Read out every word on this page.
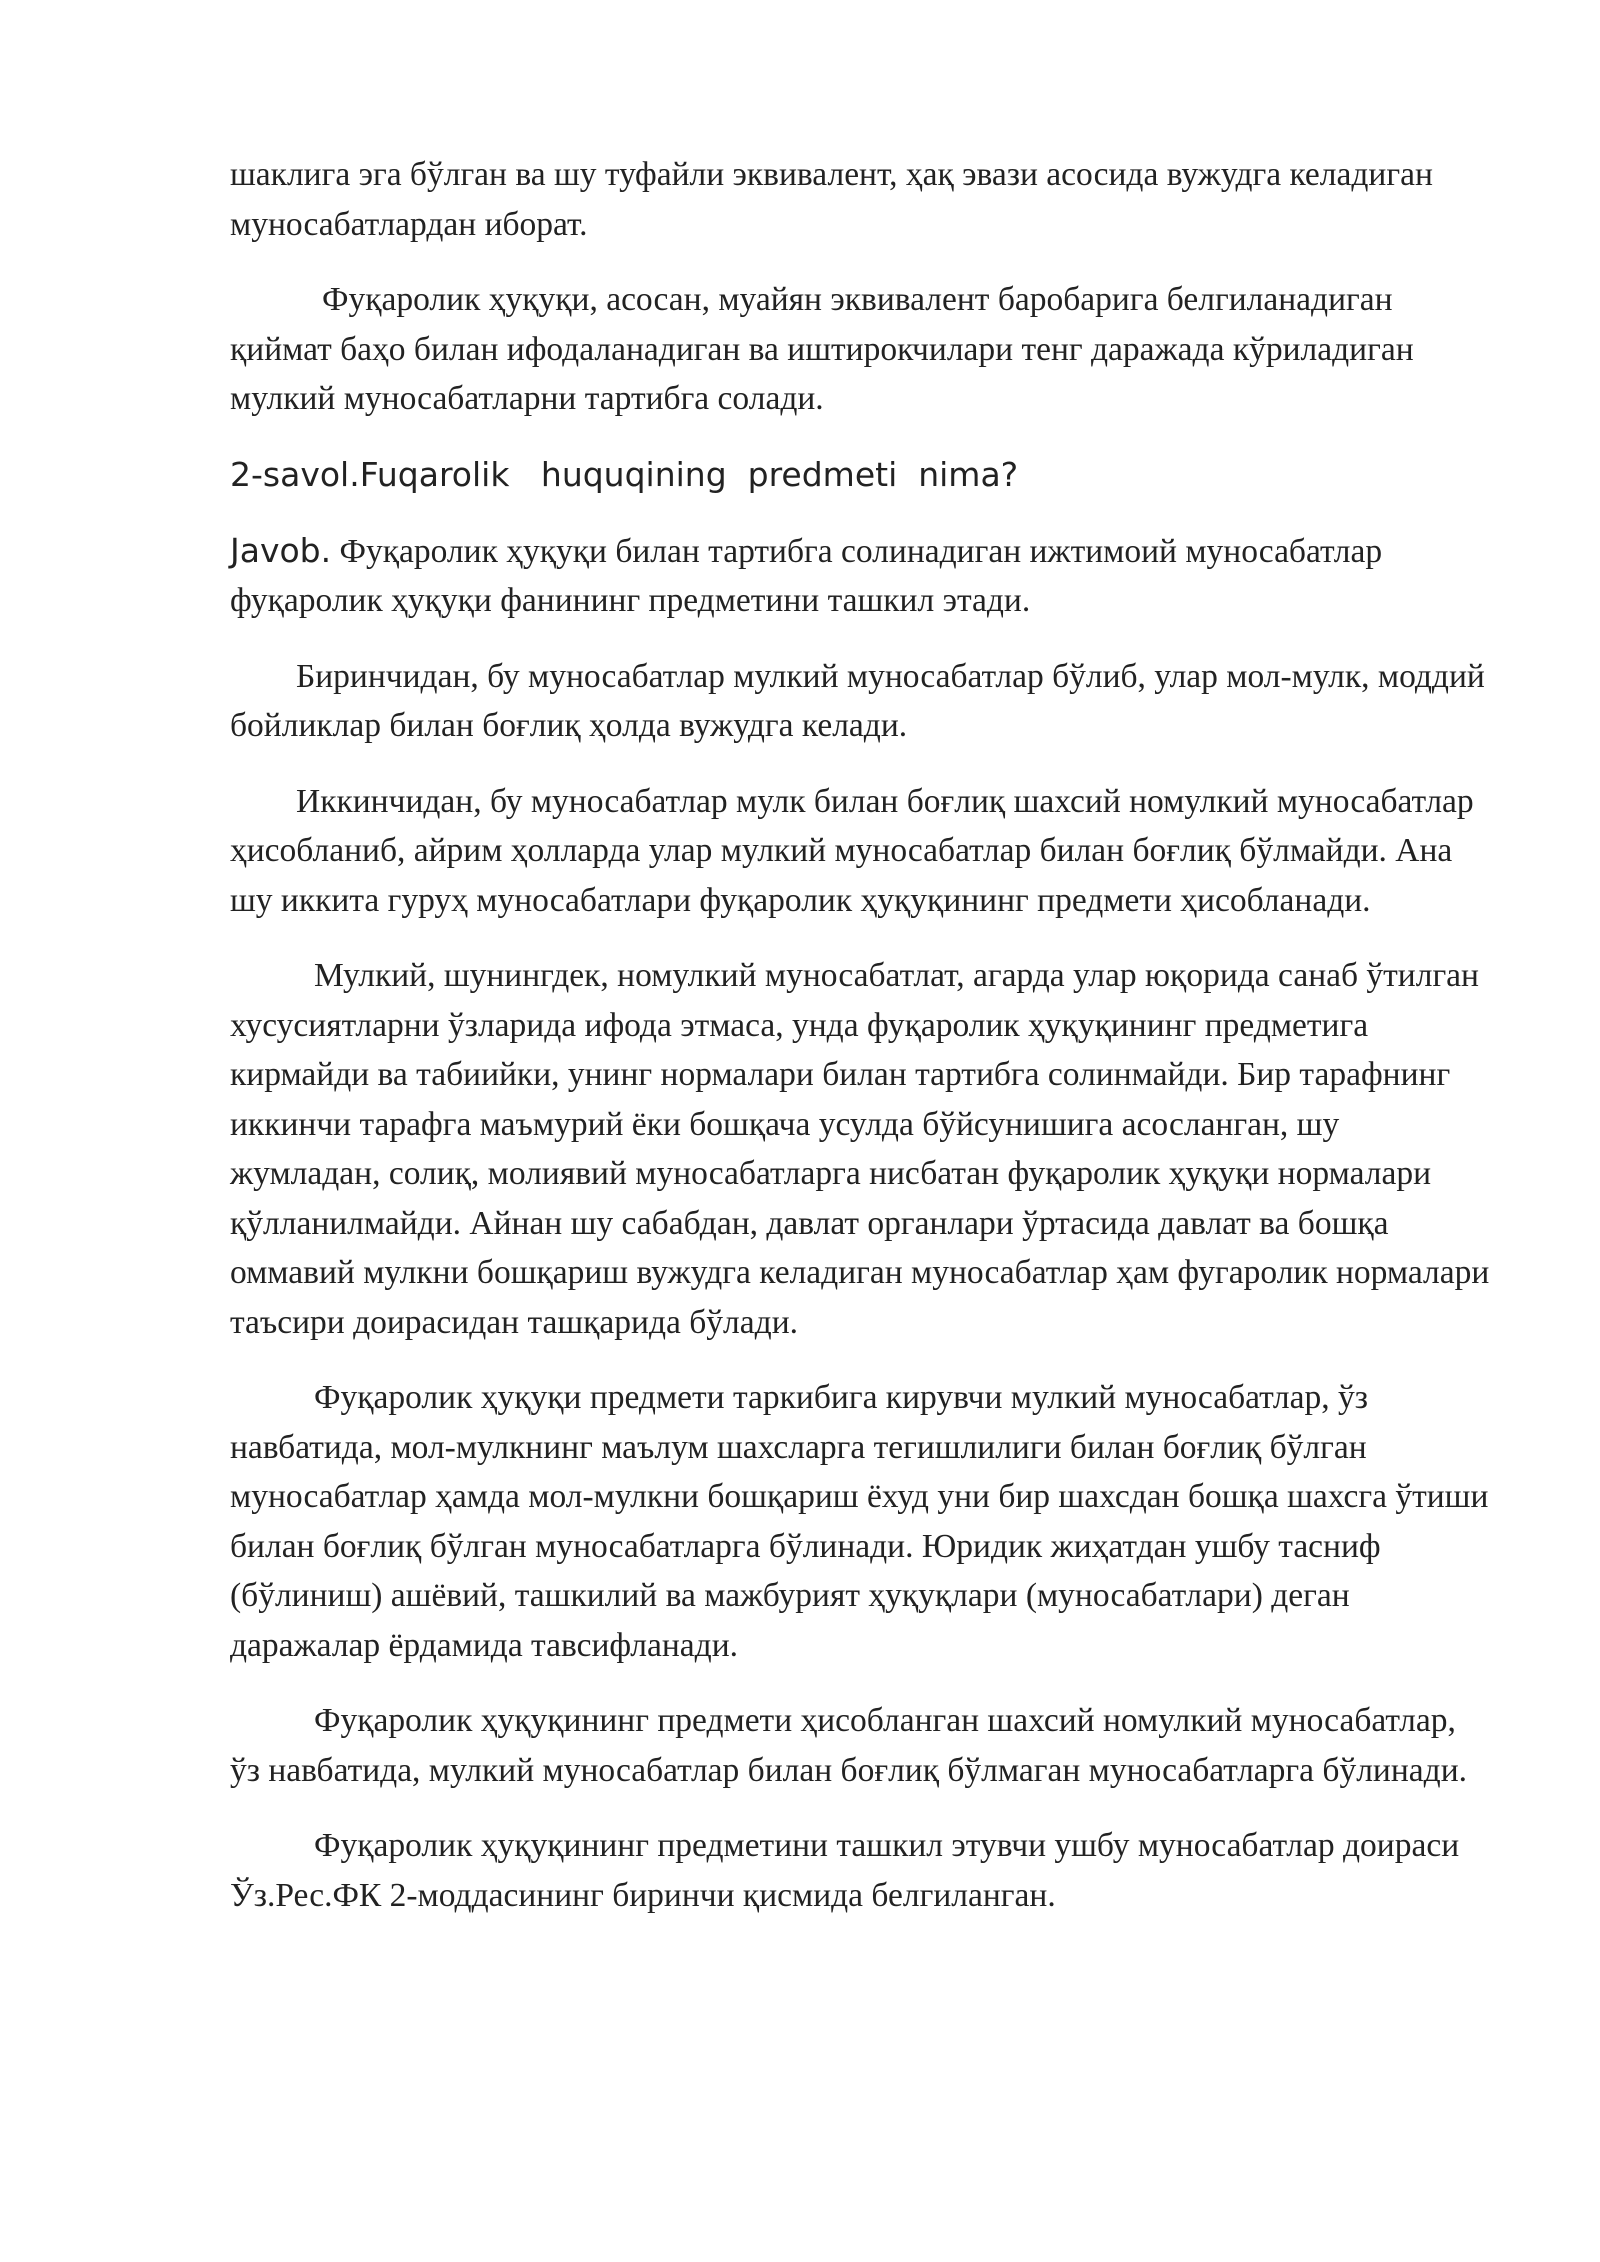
шаклига эга бўлган ва шу туфайли эквивалент, ҳақ эвази асосида вужудга келадиган муносабатлардан иборат.

Фуқаролик ҳуқуқи, асосан, муайян эквивалент баробарига белгиланадиган қиймат баҳо билан ифодаланадиган ва иштирокчилари тенг даражада кўриладиган мулкий муносабатларни тартибга солади.

2-savol.Fuqarolik   huquqining  predmeti  nima?

Javob. Фуқаролик ҳуқуқи билан тартибга солинадиган ижтимоий муносабатлар фуқаролик ҳуқуқи фанининг предметини ташкил этади.

Биринчидан, бу муносабатлар мулкий муносабатлар бўлиб, улар мол-мулк, моддий бойликлар билан боғлиқ ҳолда вужудга келади.

Иккинчидан, бу муносабатлар мулк билан боғлиқ шахсий номулкий муносабатлар ҳисобланиб, айрим ҳолларда улар мулкий муносабатлар билан боғлиқ бўлмайди. Ана шу иккита гуруҳ муносабатлари фуқаролик ҳуқуқининг предмети ҳисобланади.

Мулкий, шунингдек, номулкий муносабатлат, агарда улар юқорида санаб ўтилган хусусиятларни ўзларида ифода этмаса, унда фуқаролик ҳуқуқининг предметига кирмайди ва табиийки, унинг нормалари билан тартибга солинмайди. Бир тарафнинг иккинчи тарафга маъмурий ёки бошқача усулда бўйсунишига асосланган, шу жумладан, солиқ, молиявий муносабатларга нисбатан фуқаролик ҳуқуқи нормалари қўлланилмайди. Айнан шу сабабдан, давлат органлари ўртасида давлат ва бошқа оммавий мулкни бошқариш вужудга келадиган муносабатлар ҳам фугаролик нормалари таъсири доирасидан ташқарида бўлади.

Фуқаролик ҳуқуқи предмети таркибига кирувчи мулкий муносабатлар, ўз навбатида, мол-мулкнинг маълум шахсларга тегишлилиги билан боғлиқ бўлган муносабатлар ҳамда мол-мулкни бошқариш ёхуд уни бир шахсдан бошқа шахсга ўтиши билан боғлиқ бўлган муносабатларга бўлинади. Юридик жиҳатдан ушбу тасниф (бўлиниш) ашёвий, ташкилий ва мажбурият ҳуқуқлари (муносабатлари) деган даражалар ёрдамида тавсифланади.

Фуқаролик ҳуқуқининг предмети ҳисобланган шахсий номулкий муносабатлар, ўз навбатида, мулкий муносабатлар билан боғлиқ бўлмаган муносабатларга бўлинади.

Фуқаролик ҳуқуқининг предметини ташкил этувчи ушбу муносабатлар доираси Ўз.Рес.ФК 2-моддасининг биринчи қисмида белгиланган.
